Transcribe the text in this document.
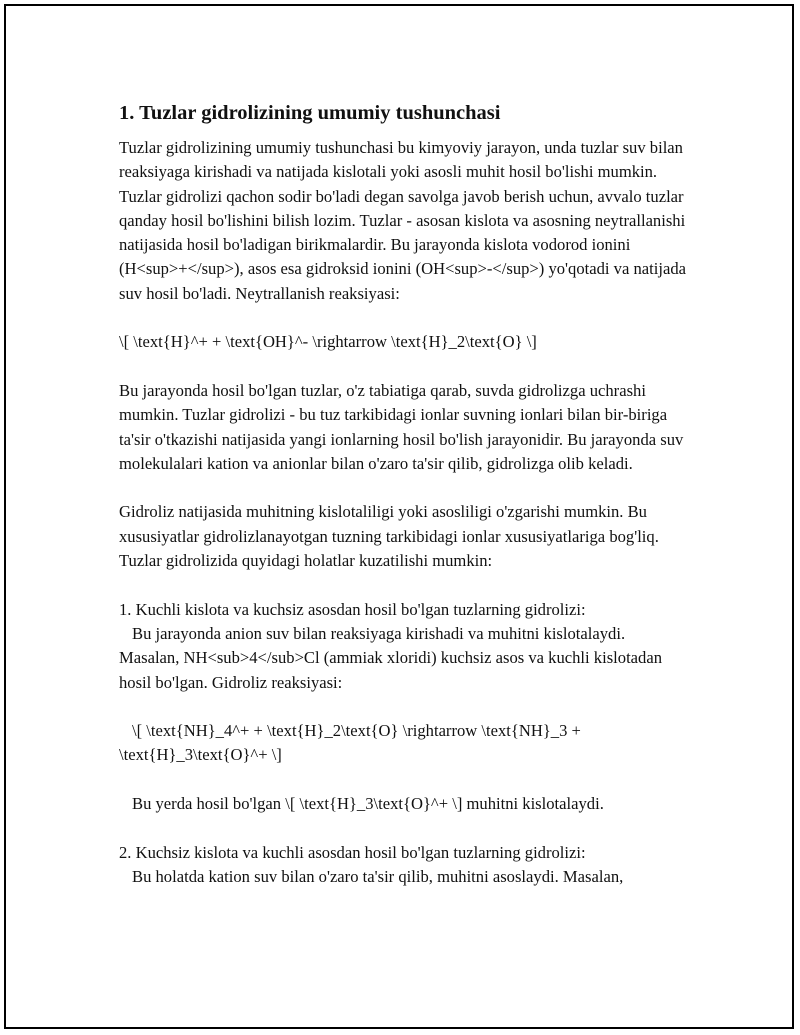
1. Tuzlar gidrolizining umumiy tushunchasi

Tuzlar gidrolizining umumiy tushunchasi bu kimyoviy jarayon, unda tuzlar suv bilan reaksiyaga kirishadi va natijada kislotali yoki asosli muhit hosil bo'lishi mumkin. Tuzlar gidrolizi qachon sodir bo'ladi degan savolga javob berish uchun, avvalo tuzlar qanday hosil bo'lishini bilish lozim. Tuzlar - asosan kislota va asosning neytrallanishi natijasida hosil bo'ladigan birikmalardir. Bu jarayonda kislota vodorod ionini (H<sup>+</sup>), asos esa gidroksid ionini (OH<sup>-</sup>) yo'qotadi va natijada suv hosil bo'ladi. Neytrallanish reaksiyasi:

\[ \text{H}^+ + \text{OH}^- \rightarrow \text{H}_2\text{O} \]

Bu jarayonda hosil bo'lgan tuzlar, o'z tabiatiga qarab, suvda gidrolizga uchrashi mumkin. Tuzlar gidrolizi - bu tuz tarkibidagi ionlar suvning ionlari bilan bir-biriga ta'sir o'tkazishi natijasida yangi ionlarning hosil bo'lish jarayonidir. Bu jarayonda suv molekulalari kation va anionlar bilan o'zaro ta'sir qilib, gidrolizga olib keladi.

Gidroliz natijasida muhitning kislotaliligi yoki asosliligi o'zgarishi mumkin. Bu xususiyatlar gidrolizlanayotgan tuzning tarkibidagi ionlar xususiyatlariga bog'liq. Tuzlar gidrolizida quyidagi holatlar kuzatilishi mumkin:

1. Kuchli kislota va kuchsiz asosdan hosil bo'lgan tuzlarning gidrolizi:

Bu jarayonda anion suv bilan reaksiyaga kirishadi va muhitni kislotalaydi. Masalan, NH<sub>4</sub>Cl (ammiak xloridi) kuchsiz asos va kuchli kislotadan hosil bo'lgan. Gidroliz reaksiyasi:

\[ \text{NH}_4^+ + \text{H}_2\text{O} \rightarrow \text{NH}_3 + \text{H}_3\text{O}^+ \]

Bu yerda hosil bo'lgan \[ \text{H}_3\text{O}^+ \] muhitni kislotalaydi.

2. Kuchsiz kislota va kuchli asosdan hosil bo'lgan tuzlarning gidrolizi:

Bu holatda kation suv bilan o'zaro ta'sir qilib, muhitni asoslaydi. Masalan,
